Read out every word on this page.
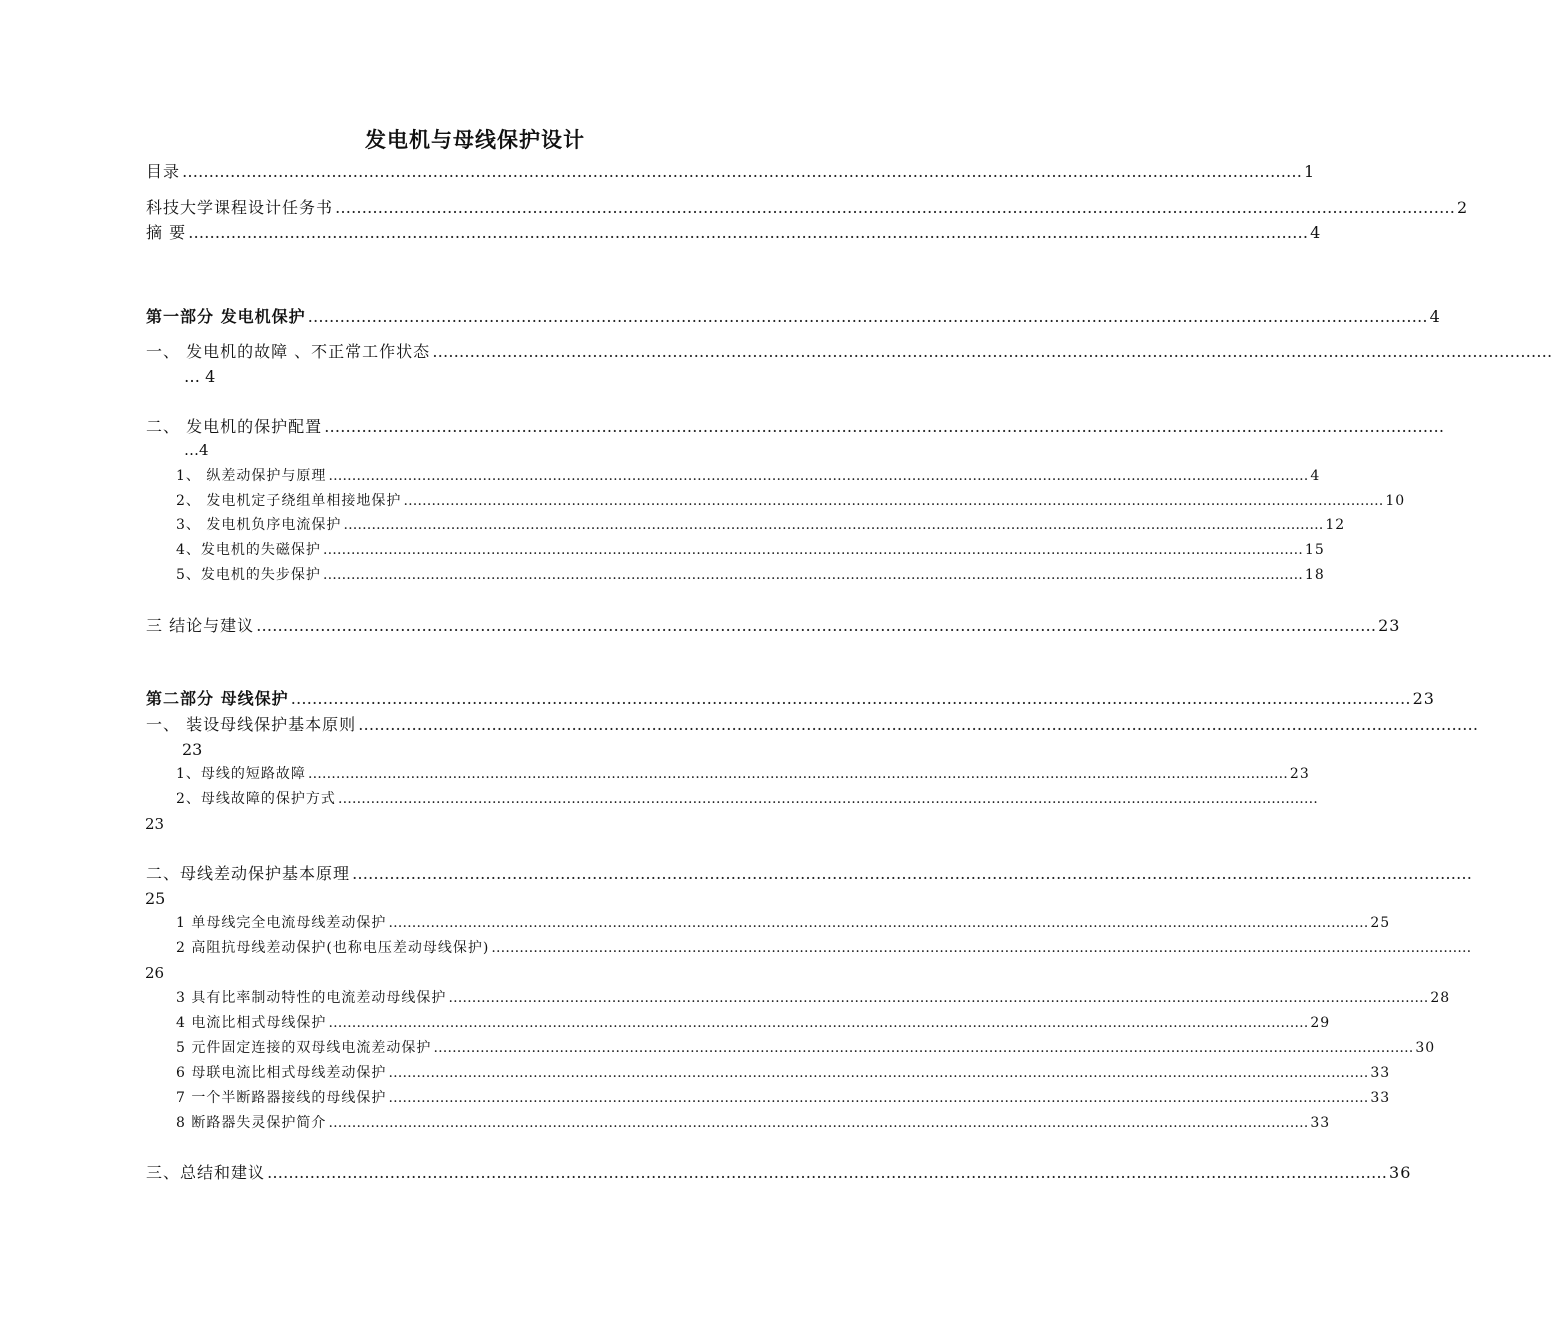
发电机与母线保护设计
目录 ………………………………………………………………………………………………………………………………………………………………………………………… 1
科技大学课程设计任务书 ………………………………………………………………………………………………………………………………………………………………………………………… 2
摘 要 ………………………………………………………………………………………………………………………………………………………………………………………… 4
第一部分 发电机保护 ………………………………………………………………………………………………………………………………………………………………………………………… 4
一、 发电机的故障 、不正常工作状态 …………………………………………………………………………………………………………………………………………………………………………………………
… 4
二、 发电机的保护配置 …………………………………………………………………………………………………………………………………………………………………………………………
…4
1、 纵差动保护与原理 ………………………………………………………………………………………………………………………………………………………………………………………… 4
2、 发电机定子绕组单相接地保护 ………………………………………………………………………………………………………………………………………………………………………………………… 10
3、 发电机负序电流保护 ………………………………………………………………………………………………………………………………………………………………………………………… 12
4、发电机的失磁保护 ………………………………………………………………………………………………………………………………………………………………………………………… 15
5、发电机的失步保护 ………………………………………………………………………………………………………………………………………………………………………………………… 18
三 结论与建议 ………………………………………………………………………………………………………………………………………………………………………………………… 23
第二部分 母线保护 ………………………………………………………………………………………………………………………………………………………………………………………… 23
一、 装设母线保护基本原则 …………………………………………………………………………………………………………………………………………………………………………………………
23
1、母线的短路故障 ………………………………………………………………………………………………………………………………………………………………………………………… 23
2、母线故障的保护方式 …………………………………………………………………………………………………………………………………………………………………………………………
23
二、母线差动保护基本原理 …………………………………………………………………………………………………………………………………………………………………………………………
25
1 单母线完全电流母线差动保护 ………………………………………………………………………………………………………………………………………………………………………………………… 25
2 高阻抗母线差动保护(也称电压差动母线保护) …………………………………………………………………………………………………………………………………………………………………………………………
26
3 具有比率制动特性的电流差动母线保护 ………………………………………………………………………………………………………………………………………………………………………………………… 28
4 电流比相式母线保护 ………………………………………………………………………………………………………………………………………………………………………………………… 29
5 元件固定连接的双母线电流差动保护 ………………………………………………………………………………………………………………………………………………………………………………………… 30
6 母联电流比相式母线差动保护 ………………………………………………………………………………………………………………………………………………………………………………………… 33
7 一个半断路器接线的母线保护 ………………………………………………………………………………………………………………………………………………………………………………………… 33
8 断路器失灵保护简介 ………………………………………………………………………………………………………………………………………………………………………………………… 33
三、总结和建议 ………………………………………………………………………………………………………………………………………………………………………………………… 36
